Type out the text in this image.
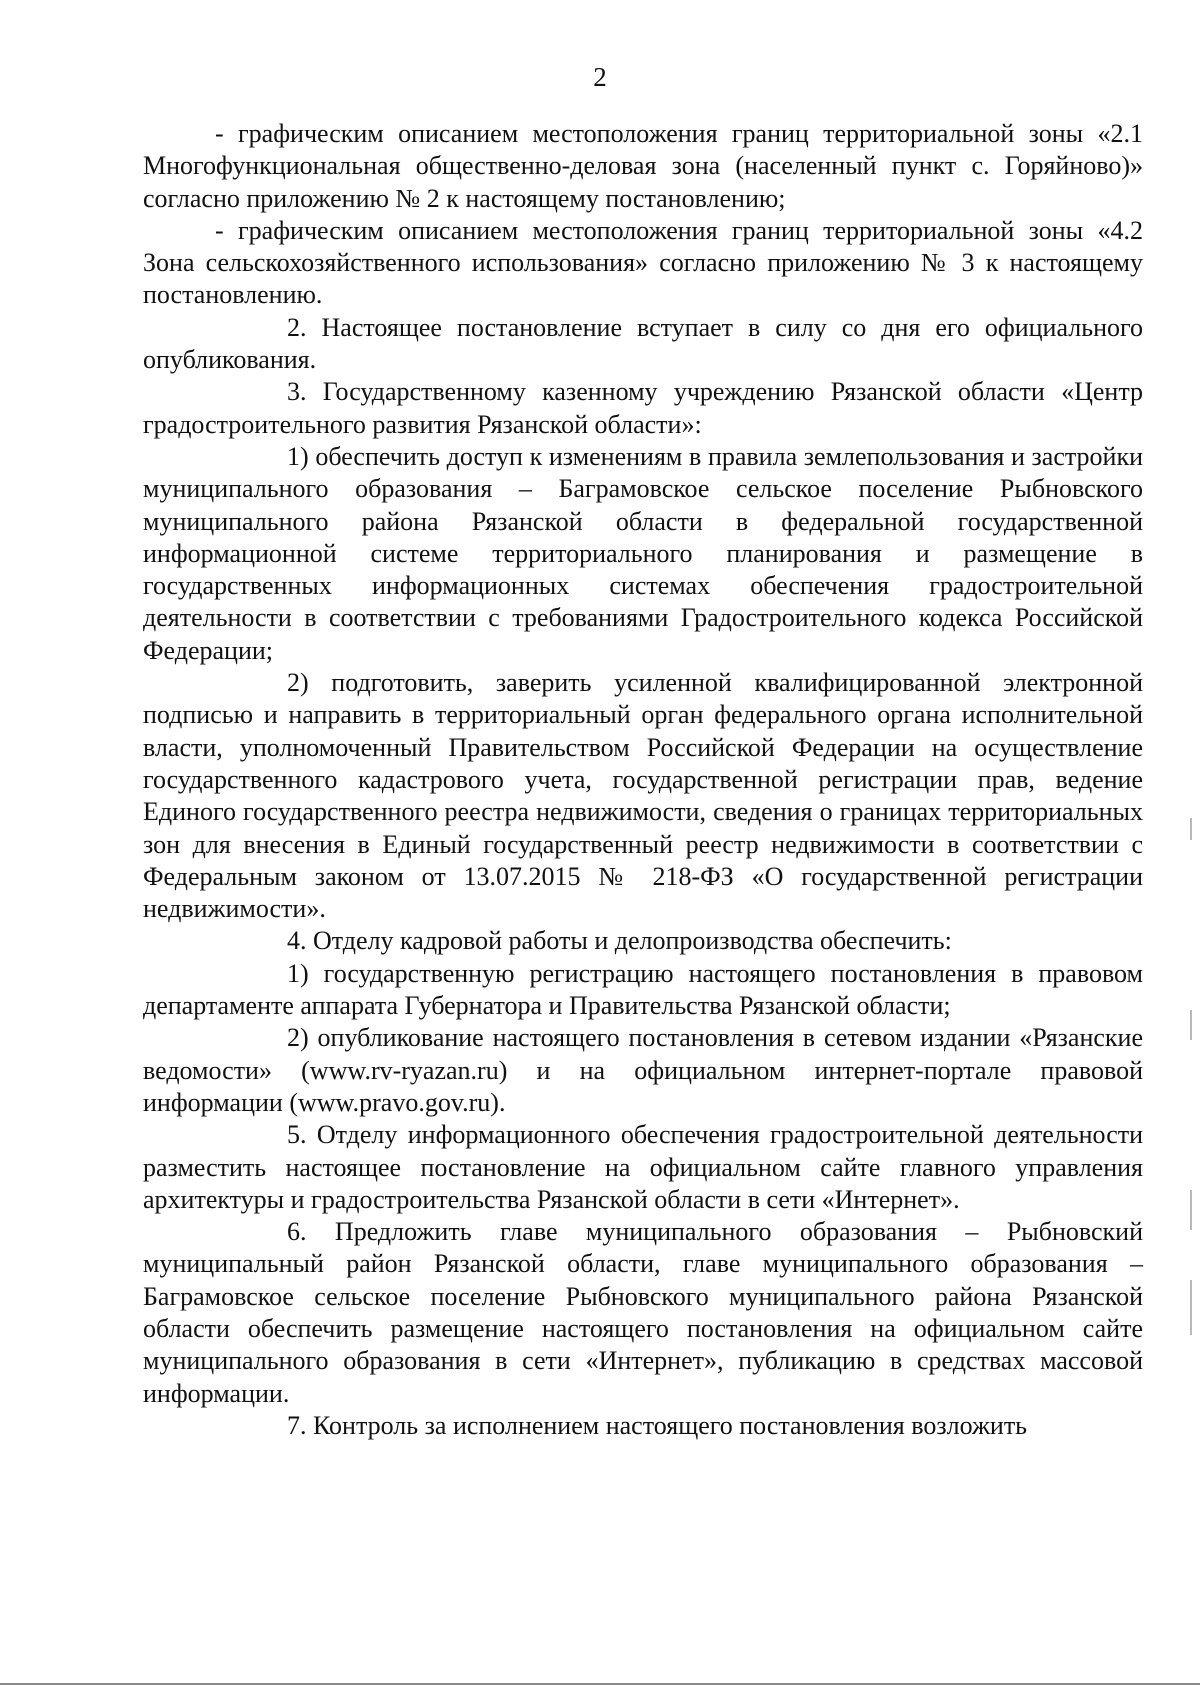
2

- графическим описанием местоположения границ территориальной зоны «2.1 Многофункциональная общественно-деловая зона (населенный пункт с. Горяйново)» согласно приложению № 2 к настоящему постановлению;

- графическим описанием местоположения границ территориальной зоны «4.2 Зона сельскохозяйственного использования» согласно приложению № 3 к настоящему постановлению.

2. Настоящее постановление вступает в силу со дня его официального опубликования.

3. Государственному казенному учреждению Рязанской области «Центр градостроительного развития Рязанской области»:

1) обеспечить доступ к изменениям в правила землепользования и застройки муниципального образования – Баграмовское сельское поселение Рыбновского муниципального района Рязанской области в федеральной государственной информационной системе территориального планирования и размещение в государственных информационных системах обеспечения градостроительной деятельности в соответствии с требованиями Градостроительного кодекса Российской Федерации;

2) подготовить, заверить усиленной квалифицированной электронной подписью и направить в территориальный орган федерального органа исполнительной власти, уполномоченный Правительством Российской Федерации на осуществление государственного кадастрового учета, государственной регистрации прав, ведение Единого государственного реестра недвижимости, сведения о границах территориальных зон для внесения в Единый государственный реестр недвижимости в соответствии с Федеральным законом от 13.07.2015 № 218-ФЗ «О государственной регистрации недвижимости».

4. Отделу кадровой работы и делопроизводства обеспечить:

1) государственную регистрацию настоящего постановления в правовом департаменте аппарата Губернатора и Правительства Рязанской области;

2) опубликование настоящего постановления в сетевом издании «Рязанские ведомости» (www.rv-ryazan.ru) и на официальном интернет-портале правовой информации (www.pravo.gov.ru).

5. Отделу информационного обеспечения градостроительной деятельности разместить настоящее постановление на официальном сайте главного управления архитектуры и градостроительства Рязанской области в сети «Интернет».

6. Предложить главе муниципального образования – Рыбновский муниципальный район Рязанской области, главе муниципального образования – Баграмовское сельское поселение Рыбновского муниципального района Рязанской области обеспечить размещение настоящего постановления на официальном сайте муниципального образования в сети «Интернет», публикацию в средствах массовой информации.

7. Контроль за исполнением настоящего постановления возложить
